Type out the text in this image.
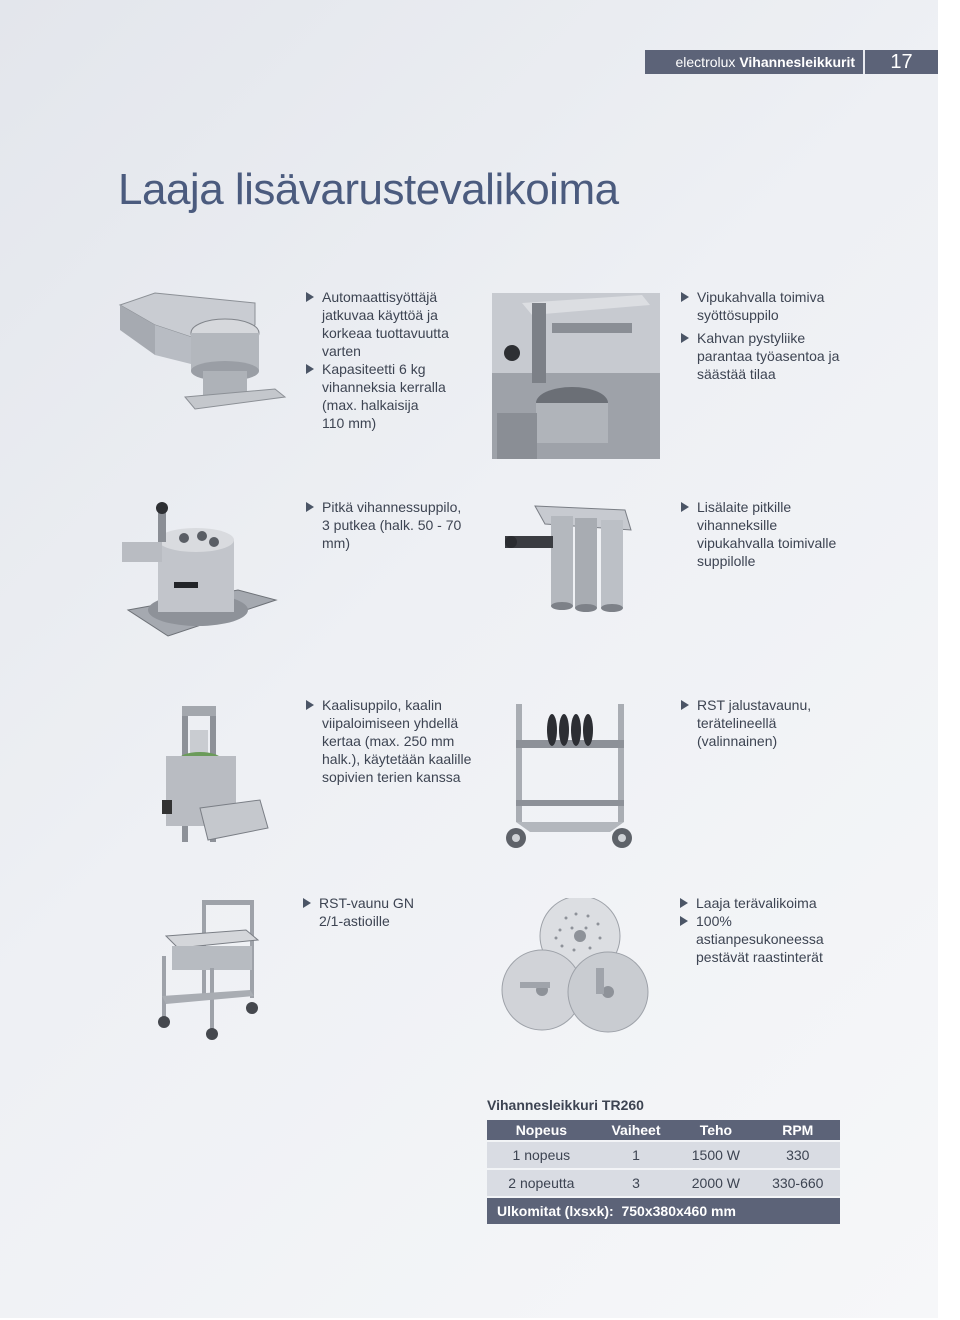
electrolux Vihannesleikkurit	17
Laaja lisävarustevalikoima
Automaattisyöttäjä
jatkuvaa käyttöä ja
korkeaa tuottavuutta
varten
Kapasiteetti 6 kg
vihanneksia kerralla
(max. halkaisija
110 mm)
Vipukahvalla toimiva
syöttösuppilo
Kahvan pystyliike
parantaa työasentoa ja
säästää tilaa
Pitkä vihannessuppilo,
3 putkea (halk. 50 - 70
mm)
Lisälaite pitkille
vihanneksille
vipukahvalla toimivalle
suppilolle
Kaalisuppilo, kaalin
viipaloimiseen yhdellä
kertaa (max. 250 mm
halk.), käytetään kaalille
sopivien terien kanssa
RST jalustavaunu,
terätelineellä
(valinnainen)
RST-vaunu GN
2/1-astioille
Laaja terävalikoima
100%
astianpesukoneessa
pestävät raastinterät
Vihannesleikkuri TR260
Nopeus	Vaiheet	Teho	RPM
1 nopeus	1	1500 W	330
2 nopeutta	3	2000 W	330-660
Ulkomitat (lxsxk):  750x380x460 mm
